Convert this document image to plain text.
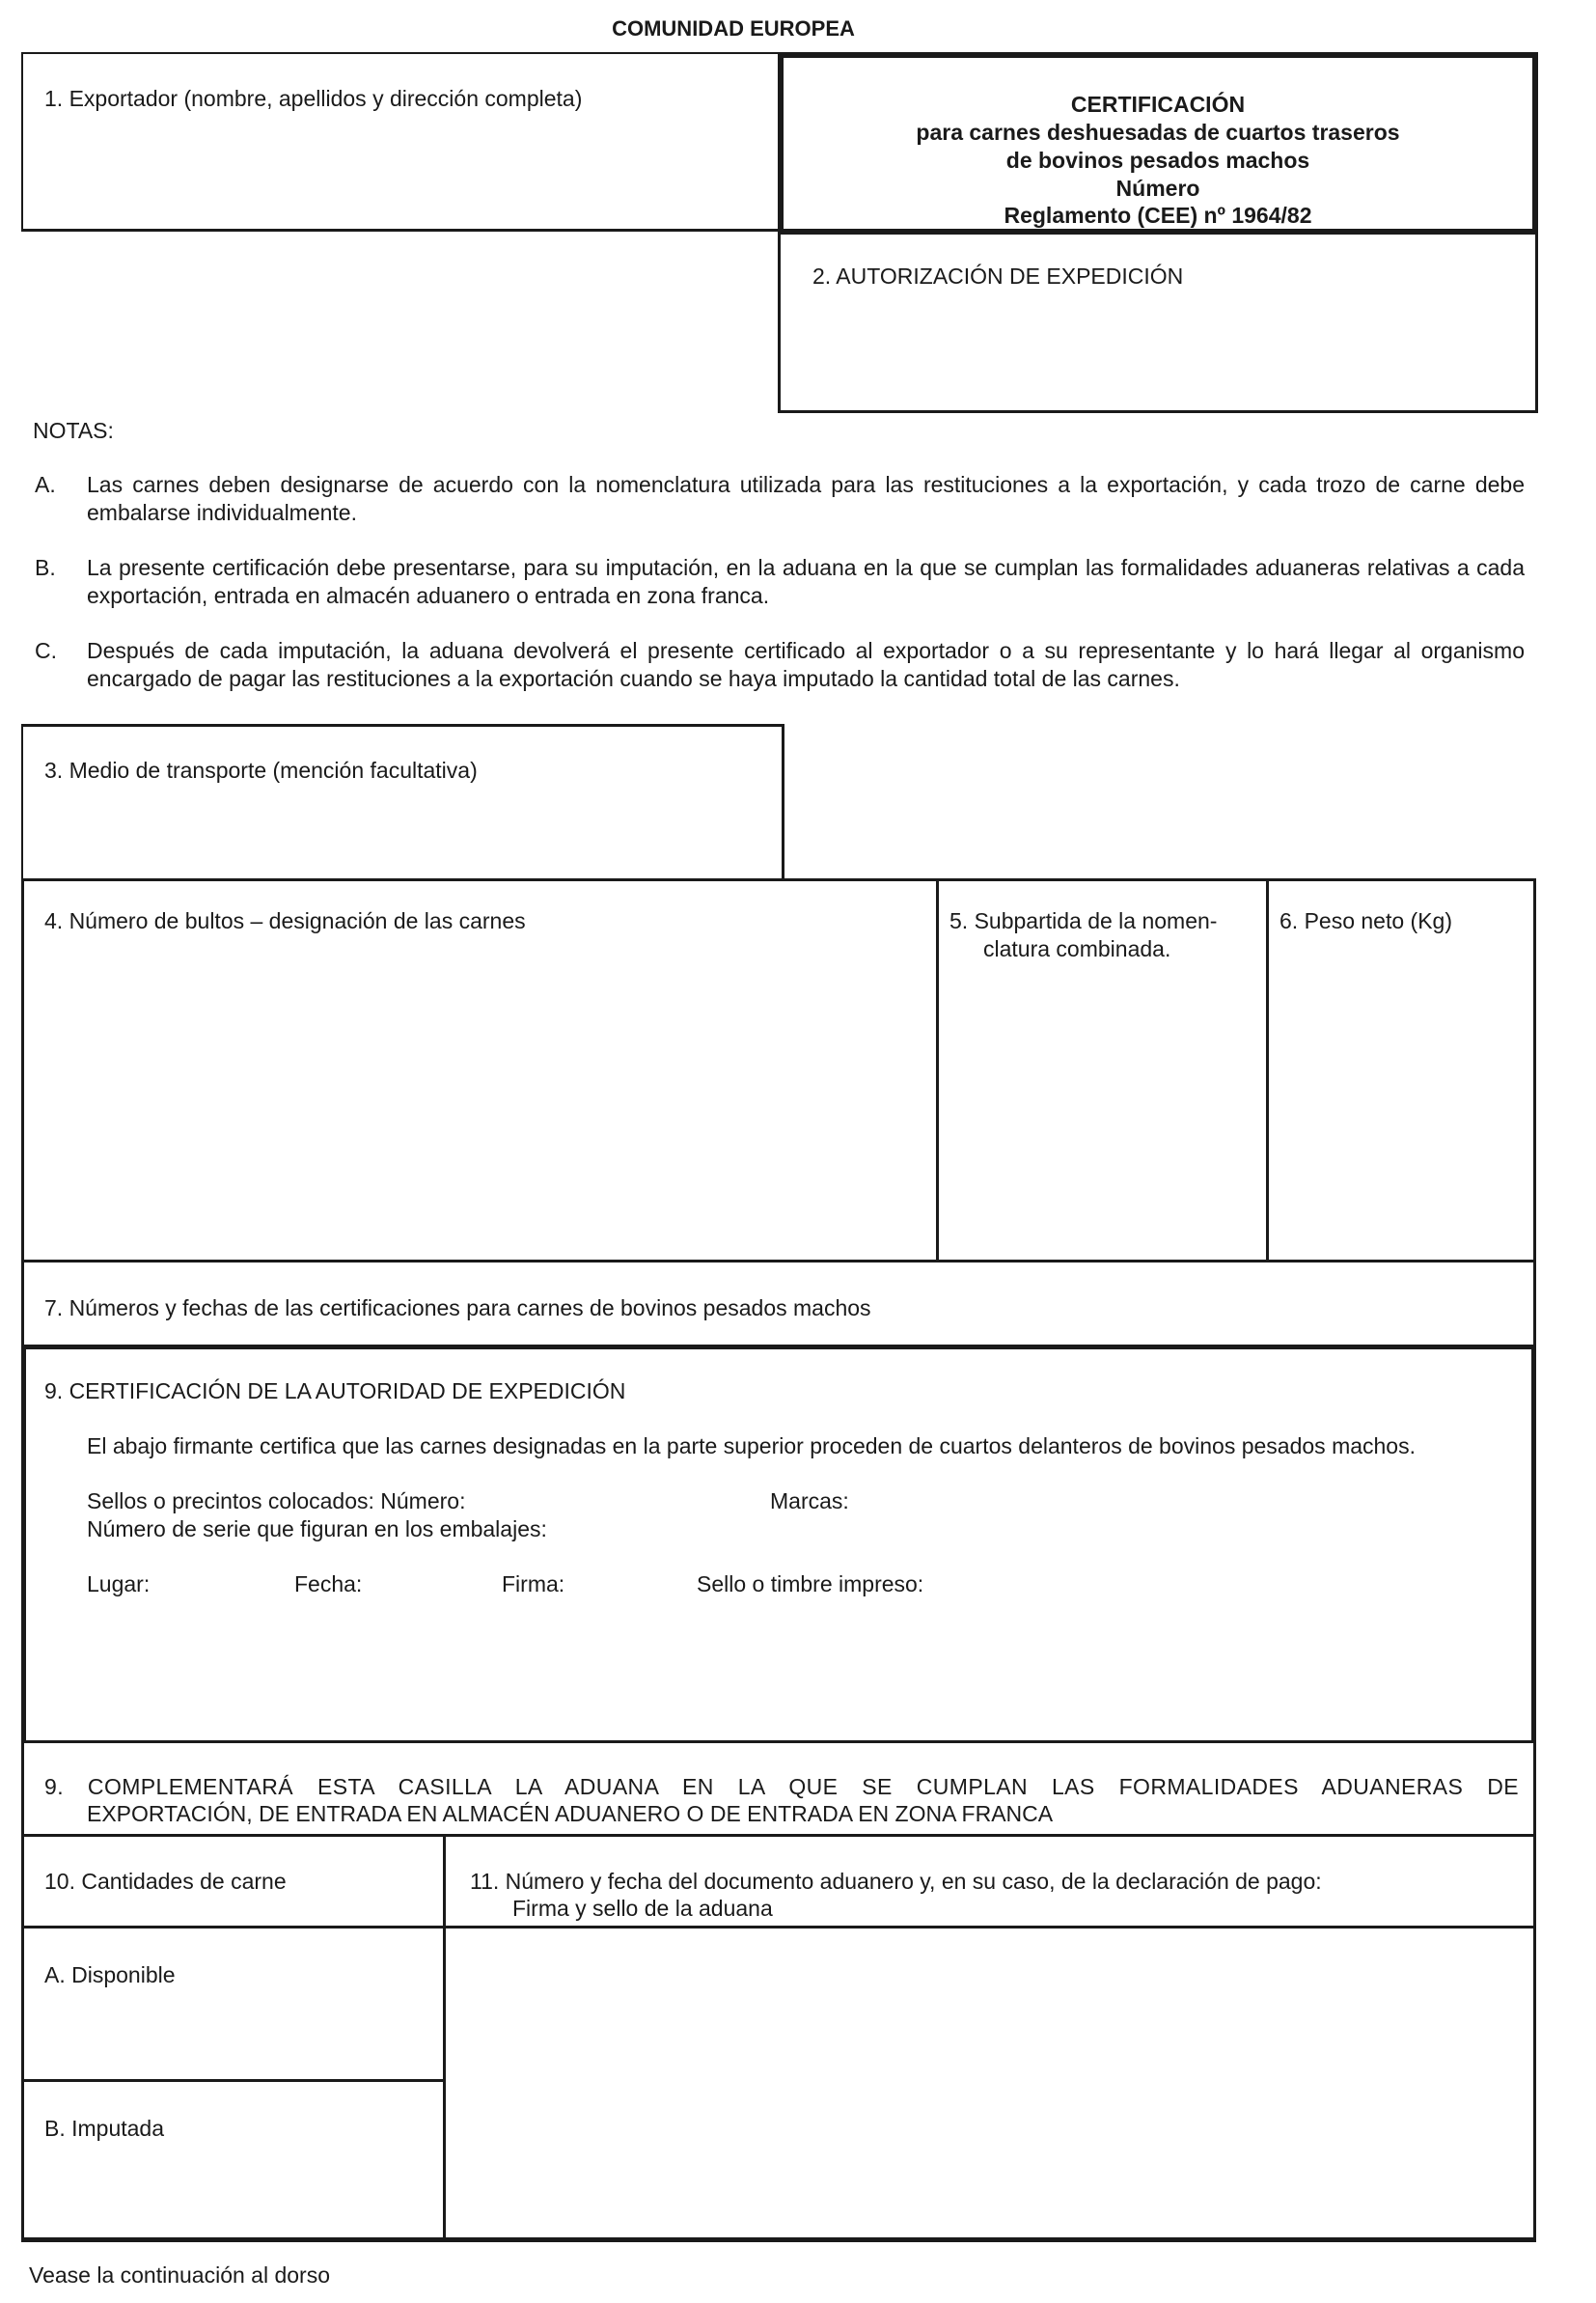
COMUNIDAD EUROPEA
1. Exportador (nombre, apellidos y dirección completa)	CERTIFICACIÓN
para carnes deshuesadas de cuartos traseros
de bovinos pesados machos
Número
Reglamento (CEE) nº 1964/82
2. AUTORIZACIÓN DE EXPEDICIÓN
NOTAS:
A. Las carnes deben designarse de acuerdo con la nomenclatura utilizada para las restituciones a la exportación, y cada trozo de carne debe embalarse individualmente.
B. La presente certificación debe presentarse, para su imputación, en la aduana en la que se cumplan las formalidades aduaneras relativas a cada exportación, entrada en almacén aduanero o entrada en zona franca.
C. Después de cada imputación, la aduana devolverá el presente certificado al exportador o a su representante y lo hará llegar al organismo encargado de pagar las restituciones a la exportación cuando se haya imputado la cantidad total de las carnes.
3. Medio de transporte (mención facultativa)
4. Número de bultos – designación de las carnes	5. Subpartida de la nomen-
clatura combinada.
6. Peso neto (Kg)
7. Números y fechas de las certificaciones para carnes de bovinos pesados machos
9. CERTIFICACIÓN DE LA AUTORIDAD DE EXPEDICIÓN
El abajo firmante certifica que las carnes designadas en la parte superior proceden de cuartos delanteros de bovinos pesados machos.
Sellos o precintos colocados: Número:	Marcas:
Número de serie que figuran en los embalajes:
Lugar:	Fecha:	Firma:	Sello o timbre impreso:
9. COMPLEMENTARÁ ESTA CASILLA LA ADUANA EN LA QUE SE CUMPLAN LAS FORMALIDADES ADUANERAS DE
EXPORTACIÓN, DE ENTRADA EN ALMACÉN ADUANERO O DE ENTRADA EN ZONA FRANCA
10. Cantidades de carne	11. Número y fecha del documento aduanero y, en su caso, de la declaración de pago:
Firma y sello de la aduana
A. Disponible
B. Imputada
Vease la continuación al dorso
